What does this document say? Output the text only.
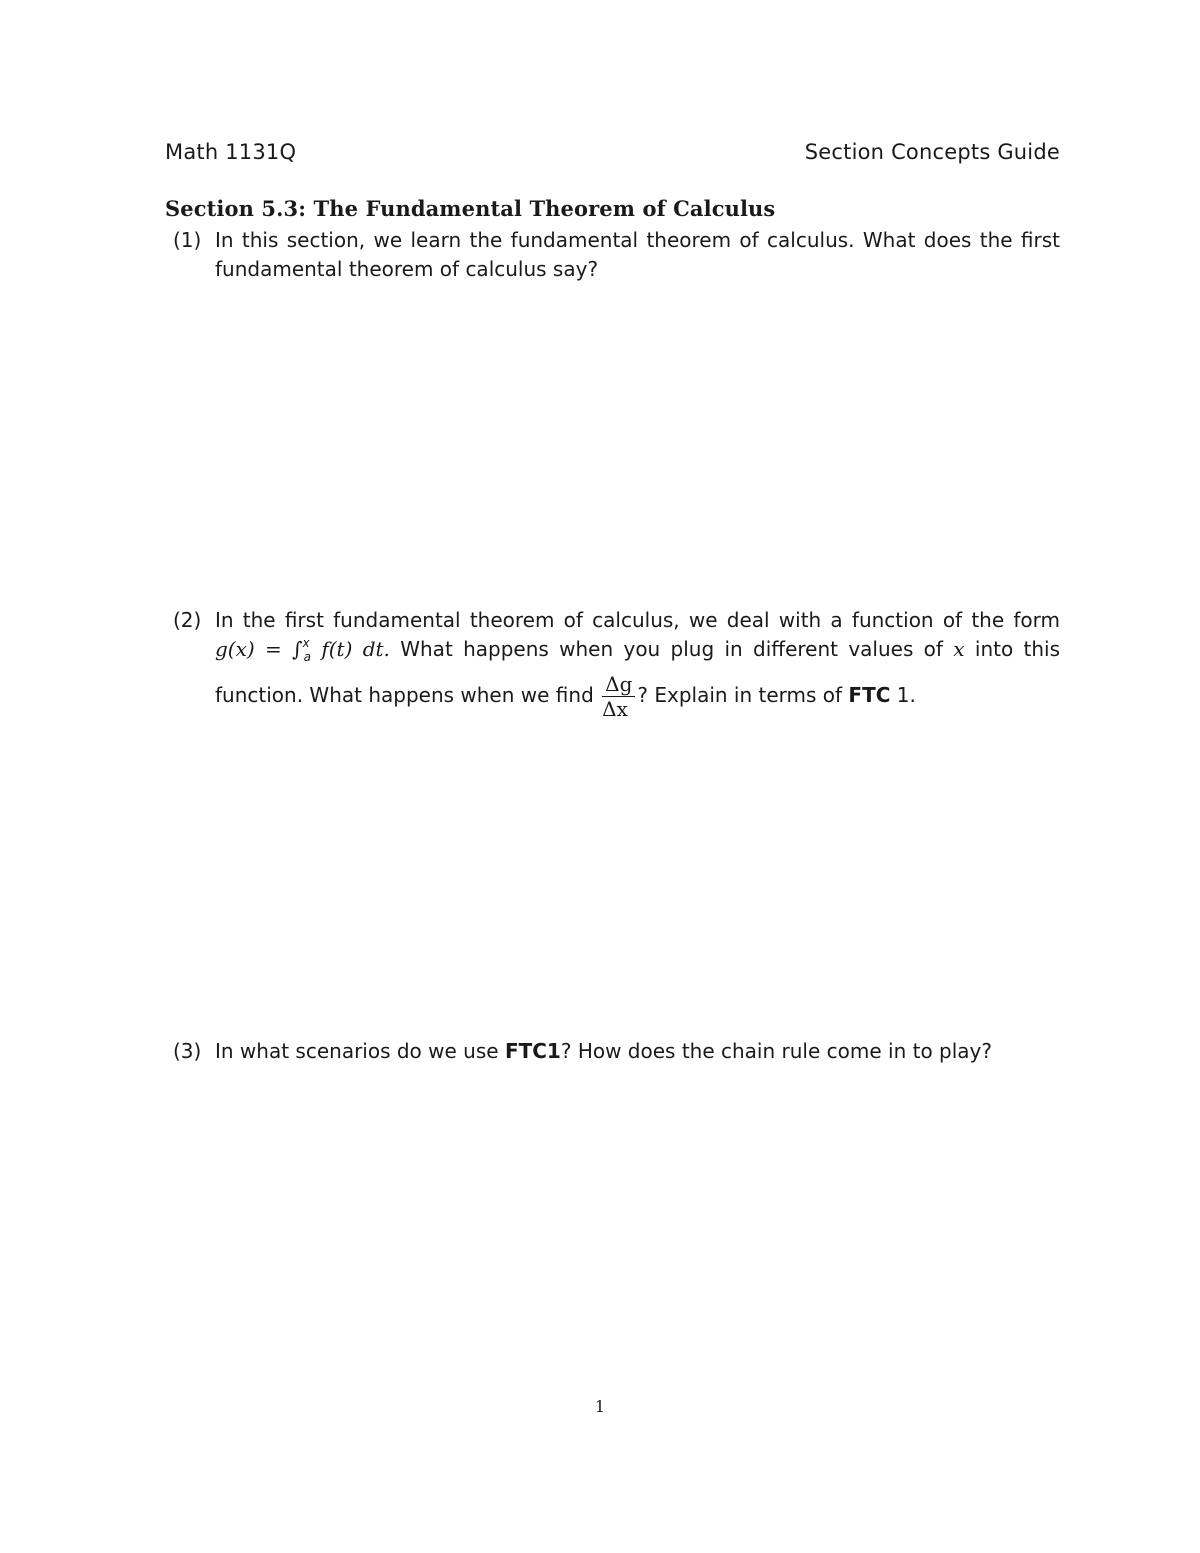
Math 1131Q	Section Concepts Guide
Section 5.3: The Fundamental Theorem of Calculus
(1) In this section, we learn the fundamental theorem of calculus. What does the first
fundamental theorem of calculus say?
(2) In the first fundamental theorem of calculus, we deal with a function of the form
g(x) = ∫$^x_a$ f(t) dt. What happens when you plug in different values of x into this
function. What happens when we find $\frac{\Delta g}{\Delta x}$ ? Explain in terms of FTC 1.
(3) In what scenarios do we use FTC1? How does the chain rule come in to play?
1
